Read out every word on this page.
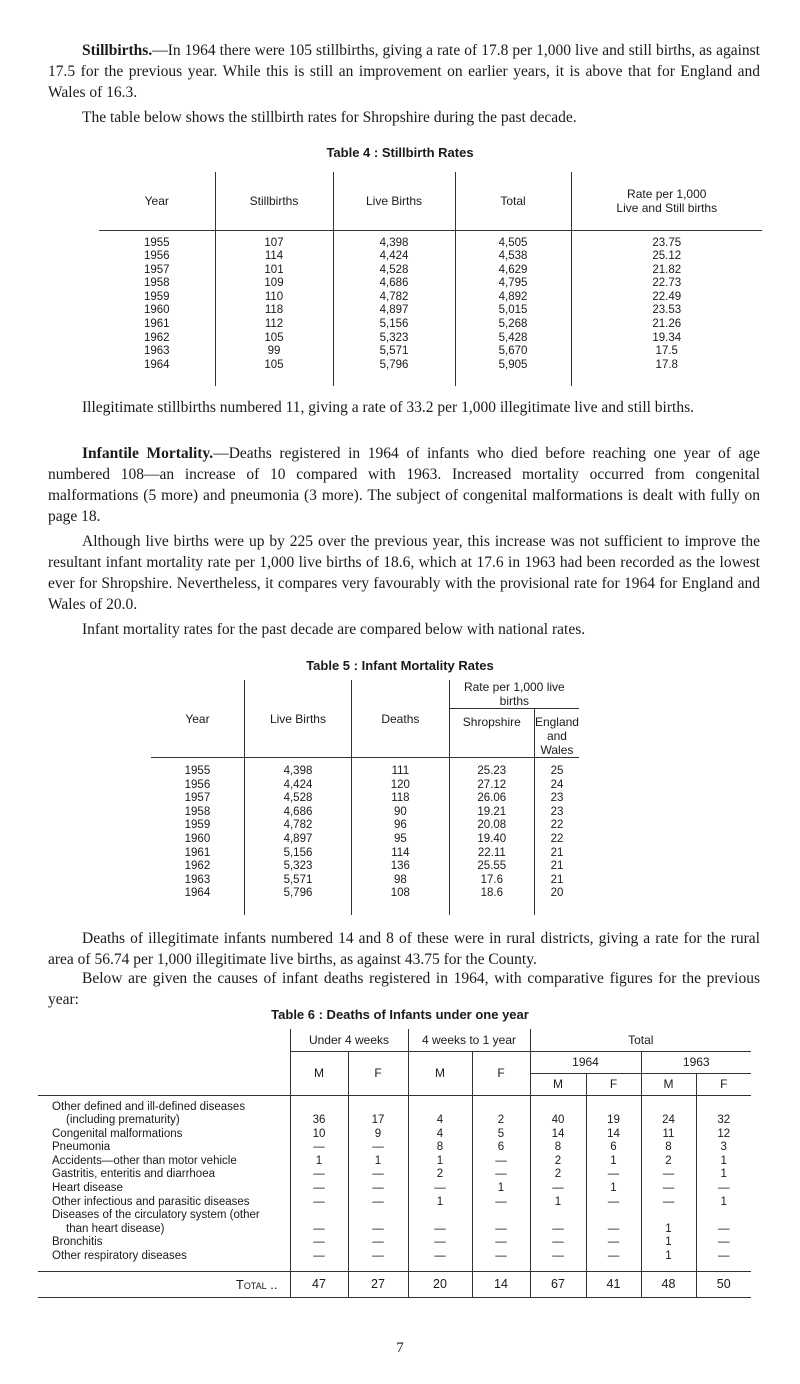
Stillbirths.—In 1964 there were 105 stillbirths, giving a rate of 17.8 per 1,000 live and still births, as against 17.5 for the previous year. While this is still an improvement on earlier years, it is above that for England and Wales of 16.3.

The table below shows the stillbirth rates for Shropshire during the past decade.

Table 4 : Stillbirth Rates
Year	Stillbirths	Live Births	Total	Rate per 1,000
Live and Still births

1955	107	4,398	4,505	23.75
1956	114	4,424	4,538	25.12
1957	101	4,528	4,629	21.82
1958	109	4,686	4,795	22.73
1959	110	4,782	4,892	22.49
1960	118	4,897	5,015	23.53
1961	112	5,156	5,268	21.26
1962	105	5,323	5,428	19.34
1963	99	5,571	5,670	17.5
1964	105	5,796	5,905	17.8

Illegitimate stillbirths numbered 11, giving a rate of 33.2 per 1,000 illegitimate live and still births.

Infantile Mortality.—Deaths registered in 1964 of infants who died before reaching one year of age numbered 108—an increase of 10 compared with 1963. Increased mortality occurred from congenital malformations (5 more) and pneumonia (3 more). The subject of congenital malformations is dealt with fully on page 18.

Although live births were up by 225 over the previous year, this increase was not sufficient to improve the resultant infant mortality rate per 1,000 live births of 18.6, which at 17.6 in 1963 had been recorded as the lowest ever for Shropshire. Nevertheless, it compares very favourably with the provisional rate for 1964 for England and Wales of 20.0.

Infant mortality rates for the past decade are compared below with national rates.

Table 5 : Infant Mortality Rates
Year	Live Births	Deaths	Rate per 1,000 live births	
			Shropshire	England
and Wales

1955	4,398	111	25.23	25
1956	4,424	120	27.12	24
1957	4,528	118	26.06	23
1958	4,686	90	19.21	23
1959	4,782	96	20.08	22
1960	4,897	95	19.40	22
1961	5,156	114	22.11	21
1962	5,323	136	25.55	21
1963	5,571	98	17.6	21
1964	5,796	108	18.6	20

Deaths of illegitimate infants numbered 14 and 8 of these were in rural districts, giving a rate for the rural area of 56.74 per 1,000 illegitimate live births, as against 43.75 for the County.

Below are given the causes of infant deaths registered in 1964, with comparative figures for the previous year:

Table 6 : Deaths of Infants under one year
	Under 4 weeks		4 weeks to 1 year		Total			
	M	F	M	F	1964		1963	
					M	F	M	F

Other defined and ill-defined diseases
(including prematurity)	36	17	4	2	40	19	24	32

Congenital malformations	10	9	4	5	14	14	11	12

Pneumonia	—	—	8	6	8	6	8	3

Accidents—other than motor vehicle	1	1	1	—	2	1	2	1

Gastritis, enteritis and diarrhoea	—	—	2	—	2	—	—	1

Heart disease	—	—	—	1	—	1	—	—

Other infectious and parasitic diseases	—	—	1	—	1	—	—	1

Diseases of the circulatory system (other
than heart disease)	—	—	—	—	—	—	1	—

Bronchitis	—	—	—	—	—	—	1	—

Other respiratory diseases	—	—	—	—	—	—	1	—

Total ..	47	27	20	14	67	41	48	50
7
